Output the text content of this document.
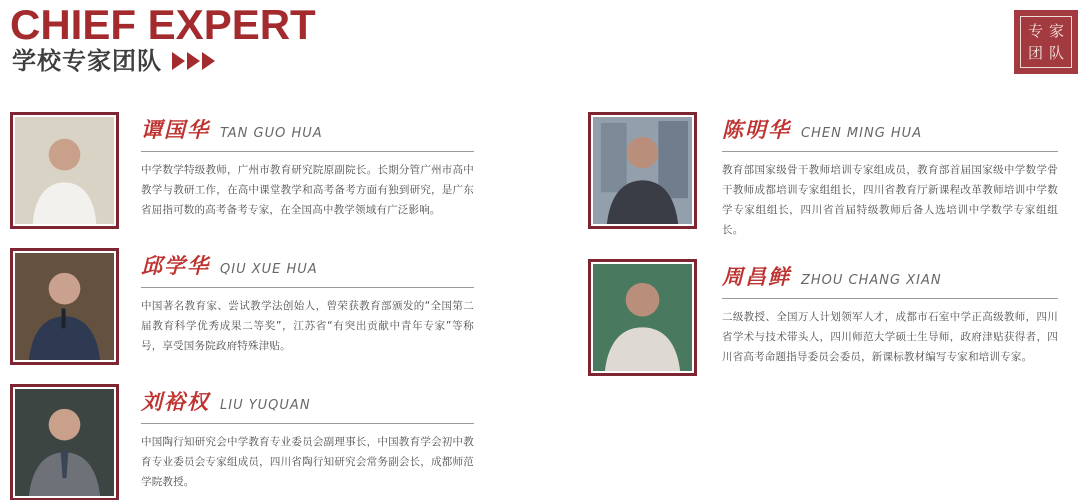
CHIEF EXPERT
学校专家团队
专 家
团 队
谭国华 TAN GUO HUA
中学数学特级教师，广州市教育研究院原副院长。长期分管广州市高中教学与教研工作，在高中课堂教学和高考备考方面有独到研究，是广东省屈指可数的高考备考专家，在全国高中教学领域有广泛影响。
邱学华 QIU XUE HUA
中国著名教育家、尝试教学法创始人，曾荣获教育部颁发的“全国第二届教育科学优秀成果二等奖”，江苏省“有突出贡献中青年专家”等称号，享受国务院政府特殊津贴。
刘裕权 LIU YUQUAN
中国陶行知研究会中学教育专业委员会副理事长，中国教育学会初中教育专业委员会专家组成员，四川省陶行知研究会常务副会长，成都师范学院教授。
陈明华 CHEN MING HUA
教育部国家级骨干教师培训专家组成员，教育部首届国家级中学数学骨干教师成都培训专家组组长，四川省教育厅新课程改革教师培训中学数学专家组组长，四川省首届特级教师后备人选培训中学数学专家组组长。
周昌鲜 ZHOU CHANG XIAN
二级教授、全国万人计划领军人才，成都市石室中学正高级教师，四川省学术与技术带头人，四川师范大学硕士生导师，政府津贴获得者，四川省高考命题指导委员会委员，新课标教材编写专家和培训专家。
